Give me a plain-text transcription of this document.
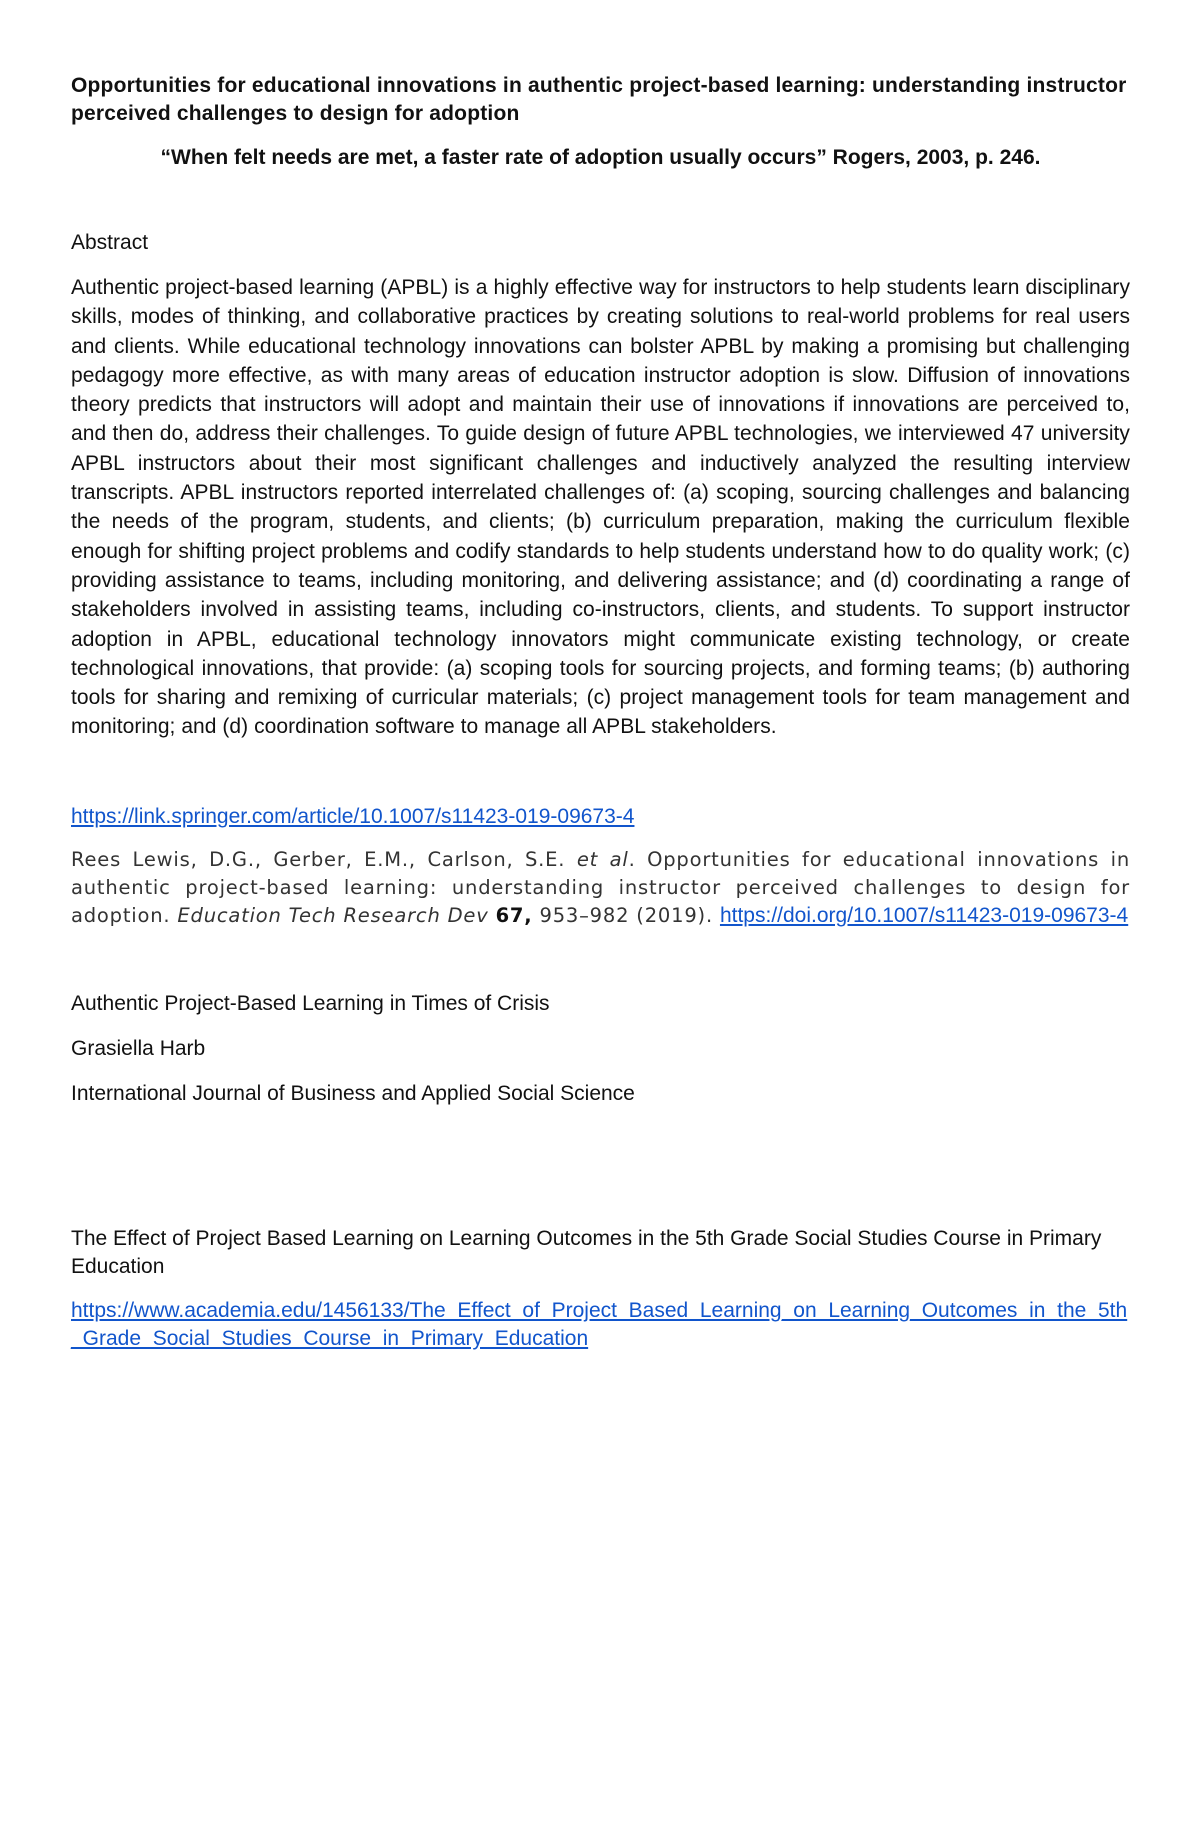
Opportunities for educational innovations in authentic project-based learning: understanding instructor perceived challenges to design for adoption

“When felt needs are met, a faster rate of adoption usually occurs” Rogers, 2003, p. 246.

Abstract

Authentic project-based learning (APBL) is a highly effective way for instructors to help students learn disciplinary skills, modes of thinking, and collaborative practices by creating solutions to real-world problems for real users and clients. While educational technology innovations can bolster APBL by making a promising but challenging pedagogy more effective, as with many areas of education instructor adoption is slow. Diffusion of innovations theory predicts that instructors will adopt and maintain their use of innovations if innovations are perceived to, and then do, address their challenges. To guide design of future APBL technologies, we interviewed 47 university APBL instructors about their most significant challenges and inductively analyzed the resulting interview transcripts. APBL instructors reported interrelated challenges of: (a) scoping, sourcing challenges and balancing the needs of the program, students, and clients; (b) curriculum preparation, making the curriculum flexible enough for shifting project problems and codify standards to help students understand how to do quality work; (c) providing assistance to teams, including monitoring, and delivering assistance; and (d) coordinating a range of stakeholders involved in assisting teams, including co-instructors, clients, and students. To support instructor adoption in APBL, educational technology innovators might communicate existing technology, or create technological innovations, that provide: (a) scoping tools for sourcing projects, and forming teams; (b) authoring tools for sharing and remixing of curricular materials; (c) project management tools for team management and monitoring; and (d) coordination software to manage all APBL stakeholders.

https://link.springer.com/article/10.1007/s11423-019-09673-4

Rees Lewis, D.G., Gerber, E.M., Carlson, S.E. et al. Opportunities for educational innovations in authentic project-based learning: understanding instructor perceived challenges to design for adoption. Education Tech Research Dev 67, 953–982 (2019). https://doi.org/10.1007/s11423-019-09673-4

Authentic Project-Based Learning in Times of Crisis

Grasiella Harb

International Journal of Business and Applied Social Science

The Effect of Project Based Learning on Learning Outcomes in the 5th Grade Social Studies Course in Primary Education

https://www.academia.edu/1456133/The_Effect_of_Project_Based_Learning_on_Learning_Outcomes_in_the_5th_Grade_Social_Studies_Course_in_Primary_Education
